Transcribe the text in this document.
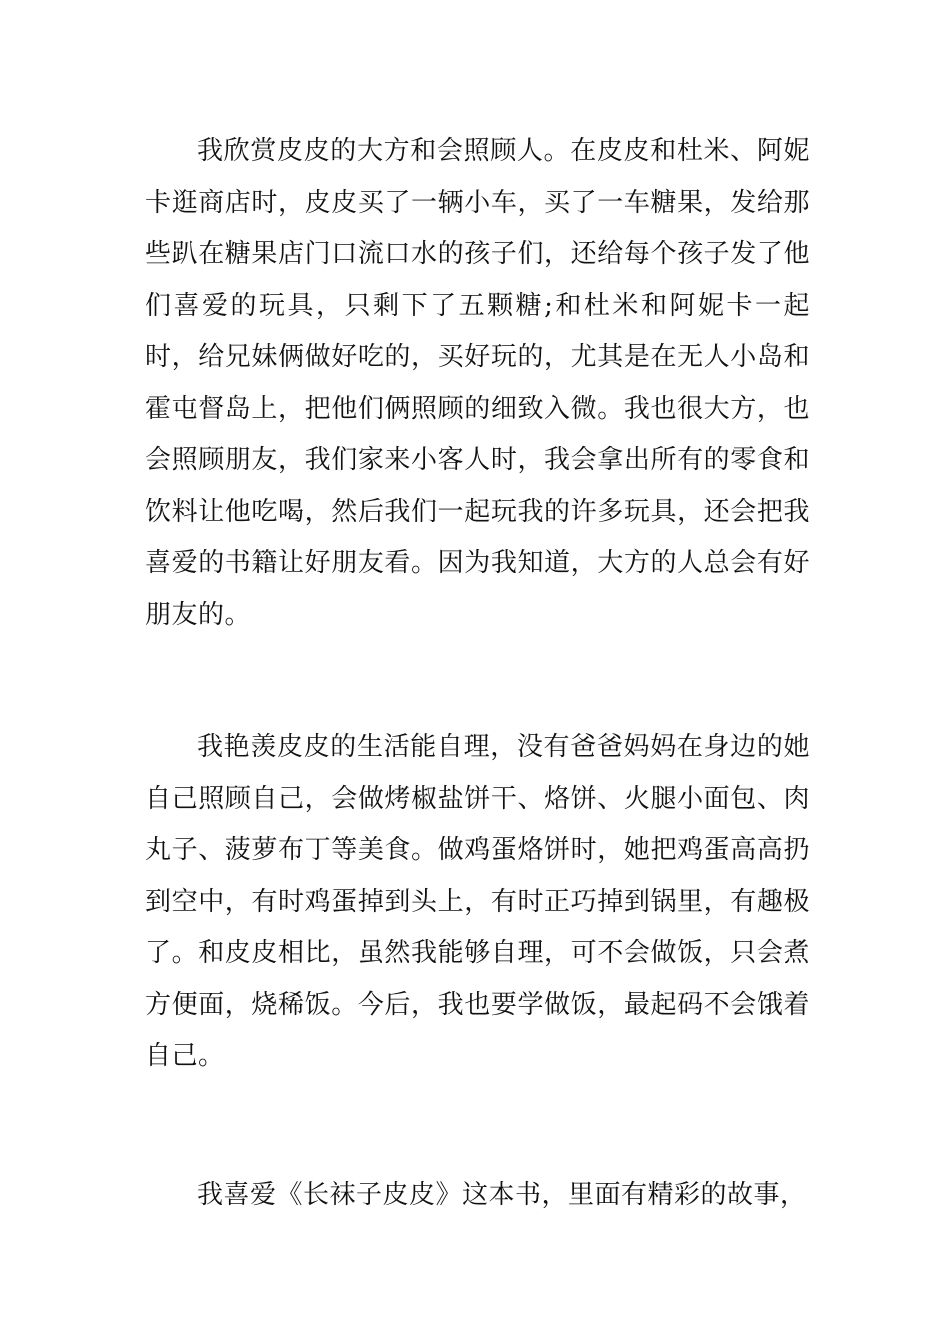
我欣赏皮皮的大方和会照顾人。在皮皮和杜米、阿妮卡逛商店时，皮皮买了一辆小车，买了一车糖果，发给那些趴在糖果店门口流口水的孩子们，还给每个孩子发了他们喜爱的玩具，只剩下了五颗糖;和杜米和阿妮卡一起时，给兄妹俩做好吃的，买好玩的，尤其是在无人小岛和霍屯督岛上，把他们俩照顾的细致入微。我也很大方，也会照顾朋友，我们家来小客人时，我会拿出所有的零食和饮料让他吃喝，然后我们一起玩我的许多玩具，还会把我喜爱的书籍让好朋友看。因为我知道，大方的人总会有好朋友的。

我艳羡皮皮的生活能自理，没有爸爸妈妈在身边的她自己照顾自己，会做烤椒盐饼干、烙饼、火腿小面包、肉丸子、菠萝布丁等美食。做鸡蛋烙饼时，她把鸡蛋高高扔到空中，有时鸡蛋掉到头上，有时正巧掉到锅里，有趣极了。和皮皮相比，虽然我能够自理，可不会做饭，只会煮方便面，烧稀饭。今后，我也要学做饭，最起码不会饿着自己。

我喜爱《长袜子皮皮》这本书，里面有精彩的故事，
